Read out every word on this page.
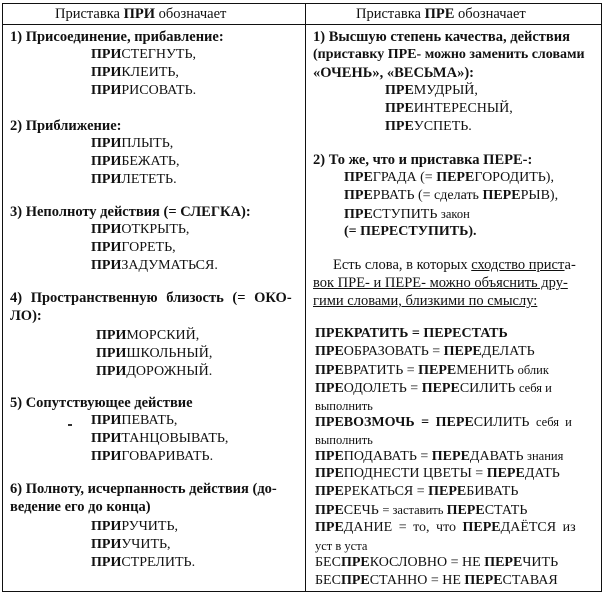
Приставка ПРИ обозначает	Приставка ПРЕ обозначает
1) Присоединение, прибавление:
ПРИСТЕГНУТЬ,
ПРИКЛЕИТЬ,
ПРИРИСОВАТЬ.
2) Приближение:
ПРИПЛЫТЬ,
ПРИБЕЖАТЬ,
ПРИЛЕТЕТЬ.
3) Неполноту действия (= СЛЕГКА):
ПРИОТКРЫТЬ,
ПРИГОРЕТЬ,
ПРИЗАДУМАТЬСЯ.
4) Пространственную близость (= ОКО-
ЛО):
ПРИМОРСКИЙ,
ПРИШКОЛЬНЫЙ,
ПРИДОРОЖНЫЙ.
5) Сопутствующее действие
ПРИПЕВАТЬ,
ПРИТАНЦОВЫВАТЬ,
ПРИГОВАРИВАТЬ.
6) Полноту, исчерпанность действия (до-
ведение его до конца)
ПРИРУЧИТЬ,
ПРИУЧИТЬ,
ПРИСТРЕЛИТЬ.
1) Высшую степень качества, действия
(приставку ПРЕ- можно заменить словами
«ОЧЕНЬ», «ВЕСЬМА»):
ПРЕМУДРЫЙ,
ПРЕИНТЕРЕСНЫЙ,
ПРЕУСПЕТЬ.
2) То же, что и приставка ПЕРЕ-:
ПРЕГРАДА (= ПЕРЕГОРОДИТЬ),
ПРЕРВАТЬ (= сделать ПЕРЕРЫВ),
ПРЕСТУПИТЬ закон
(= ПЕРЕСТУПИТЬ).
Есть слова, в которых сходство приста-
вок ПРЕ- и ПЕРЕ- можно объяснить дру-
гими словами, близкими по смыслу:
ПРЕКРАТИТЬ = ПЕРЕСТАТЬ
ПРЕОБРАЗОВАТЬ = ПЕРЕДЕЛАТЬ
ПРЕВРАТИТЬ = ПЕРЕМЕНИТЬ облик
ПРЕОДОЛЕТЬ = ПЕРЕСИЛИТЬ себя и
выполнить
ПРЕВОЗМОЧЬ = ПЕРЕСИЛИТЬ себя и
выполнить
ПРЕПОДАВАТЬ = ПЕРЕДАВАТЬ знания
ПРЕПОДНЕСТИ ЦВЕТЫ = ПЕРЕДАТЬ
ПРЕРЕКАТЬСЯ = ПЕРЕБИВАТЬ
ПРЕСЕЧЬ = заставить ПЕРЕСТАТЬ
ПРЕДАНИЕ = то, что ПЕРЕДАЁТСЯ из
уст в уста
БЕСПРЕКОСЛОВНО = НЕ ПЕРЕЧИТЬ
БЕСПРЕСТАННО = НЕ ПЕРЕСТАВАЯ
